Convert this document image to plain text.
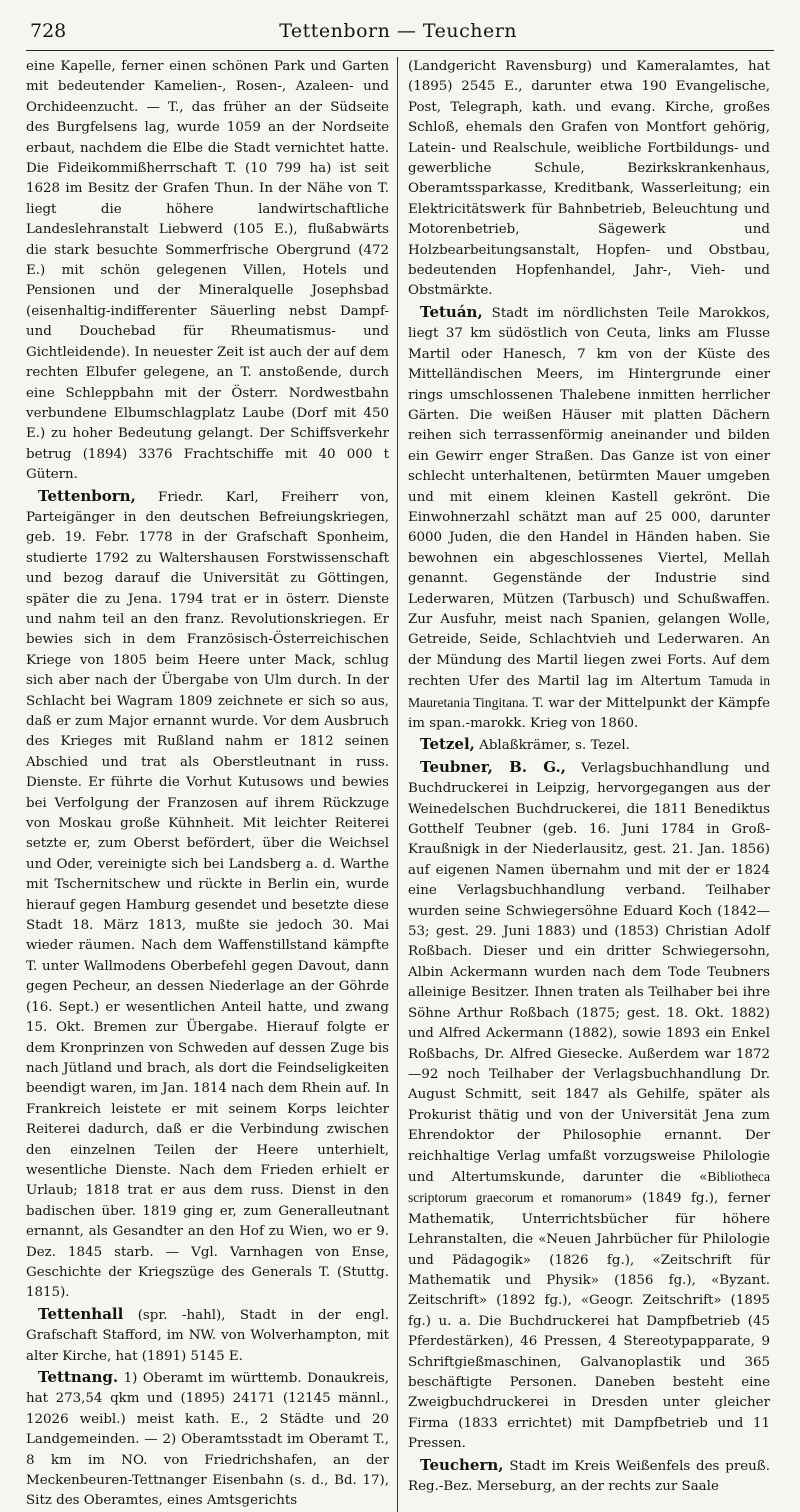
728	Tettenborn — Teuchern

eine Kapelle, ferner einen schönen Park und Garten mit bedeutender Kamelien-, Rosen-, Azaleen- und Orchideenzucht. — T., das früher an der Südseite des Burgfelsens lag, wurde 1059 an der Nordseite erbaut, nachdem die Elbe die Stadt vernichtet hatte. Die Fideikommißherrschaft T. (10 799 ha) ist seit 1628 im Besitz der Grafen Thun. In der Nähe von T. liegt die höhere landwirtschaftliche Landeslehranstalt Liebwerd (105 E.), flußabwärts die stark besuchte Sommerfrische Obergrund (472 E.) mit schön gelegenen Villen, Hotels und Pensionen und der Mineralquelle Josephsbad (eisenhaltig-indifferenter Säuerling nebst Dampf- und Douchebad für Rheumatismus- und Gichtleidende). In neuester Zeit ist auch der auf dem rechten Elbufer gelegene, an T. anstoßende, durch eine Schleppbahn mit der Österr. Nordwestbahn verbundene Elbumschlagplatz Laube (Dorf mit 450 E.) zu hoher Bedeutung gelangt. Der Schiffsverkehr betrug (1894) 3376 Frachtschiffe mit 40 000 t Gütern.

Tettenborn, Friedr. Karl, Freiherr von, Parteigänger in den deutschen Befreiungskriegen, geb. 19. Febr. 1778 in der Grafschaft Sponheim, studierte 1792 zu Waltershausen Forstwissenschaft und bezog darauf die Universität zu Göttingen, später die zu Jena. 1794 trat er in österr. Dienste und nahm teil an den franz. Revolutionskriegen. Er bewies sich in dem Französisch-Österreichischen Kriege von 1805 beim Heere unter Mack, schlug sich aber nach der Übergabe von Ulm durch. In der Schlacht bei Wagram 1809 zeichnete er sich so aus, daß er zum Major ernannt wurde. Vor dem Ausbruch des Krieges mit Rußland nahm er 1812 seinen Abschied und trat als Oberstleutnant in russ. Dienste. Er führte die Vorhut Kutusows und bewies bei Verfolgung der Franzosen auf ihrem Rückzuge von Moskau große Kühnheit. Mit leichter Reiterei setzte er, zum Oberst befördert, über die Weichsel und Oder, vereinigte sich bei Landsberg a. d. Warthe mit Tschernitschew und rückte in Berlin ein, wurde hierauf gegen Hamburg gesendet und besetzte diese Stadt 18. März 1813, mußte sie jedoch 30. Mai wieder räumen. Nach dem Waffenstillstand kämpfte T. unter Wallmodens Oberbefehl gegen Davout, dann gegen Pecheur, an dessen Niederlage an der Göhrde (16. Sept.) er wesentlichen Anteil hatte, und zwang 15. Okt. Bremen zur Übergabe. Hierauf folgte er dem Kronprinzen von Schweden auf dessen Zuge bis nach Jütland und brach, als dort die Feindseligkeiten beendigt waren, im Jan. 1814 nach dem Rhein auf. In Frankreich leistete er mit seinem Korps leichter Reiterei dadurch, daß er die Verbindung zwischen den einzelnen Teilen der Heere unterhielt, wesentliche Dienste. Nach dem Frieden erhielt er Urlaub; 1818 trat er aus dem russ. Dienst in den badischen über. 1819 ging er, zum Generalleutnant ernannt, als Gesandter an den Hof zu Wien, wo er 9. Dez. 1845 starb. — Vgl. Varnhagen von Ense, Geschichte der Kriegszüge des Generals T. (Stuttg. 1815).

Tettenhall (spr. -hahl), Stadt in der engl. Grafschaft Stafford, im NW. von Wolverhampton, mit alter Kirche, hat (1891) 5145 E.

Tettnang. 1) Oberamt im württemb. Donaukreis, hat 273,54 qkm und (1895) 24171 (12145 männl., 12026 weibl.) meist kath. E., 2 Städte und 20 Landgemeinden. — 2) Oberamtsstadt im Oberamt T., 8 km im NO. von Friedrichshafen, an der Meckenbeuren-Tettnanger Eisenbahn (s. d., Bd. 17), Sitz des Oberamtes, eines Amtsgerichts

(Landgericht Ravensburg) und Kameralamtes, hat (1895) 2545 E., darunter etwa 190 Evangelische, Post, Telegraph, kath. und evang. Kirche, großes Schloß, ehemals den Grafen von Montfort gehörig, Latein- und Realschule, weibliche Fortbildungs- und gewerbliche Schule, Bezirkskrankenhaus, Oberamtssparkasse, Kreditbank, Wasserleitung; ein Elektricitätswerk für Bahnbetrieb, Beleuchtung und Motorenbetrieb, Sägewerk und Holzbearbeitungsanstalt, Hopfen- und Obstbau, bedeutenden Hopfenhandel, Jahr-, Vieh- und Obstmärkte.

Tetuán, Stadt im nördlichsten Teile Marokkos, liegt 37 km südöstlich von Ceuta, links am Flusse Martil oder Hanesch, 7 km von der Küste des Mittelländischen Meers, im Hintergrunde einer rings umschlossenen Thalebene inmitten herrlicher Gärten. Die weißen Häuser mit platten Dächern reihen sich terrassenförmig aneinander und bilden ein Gewirr enger Straßen. Das Ganze ist von einer schlecht unterhaltenen, betürmten Mauer umgeben und mit einem kleinen Kastell gekrönt. Die Einwohnerzahl schätzt man auf 25 000, darunter 6000 Juden, die den Handel in Händen haben. Sie bewohnen ein abgeschlossenes Viertel, Mellah genannt. Gegenstände der Industrie sind Lederwaren, Mützen (Tarbusch) und Schußwaffen. Zur Ausfuhr, meist nach Spanien, gelangen Wolle, Getreide, Seide, Schlachtvieh und Lederwaren. An der Mündung des Martil liegen zwei Forts. Auf dem rechten Ufer des Martil lag im Altertum Tamuda in Mauretania Tingitana. T. war der Mittelpunkt der Kämpfe im span.-marokk. Krieg von 1860.

Tetzel, Ablaßkrämer, s. Tezel.

Teubner, B. G., Verlagsbuchhandlung und Buchdruckerei in Leipzig, hervorgegangen aus der Weinedelschen Buchdruckerei, die 1811 Benediktus Gotthelf Teubner (geb. 16. Juni 1784 in Groß-Kraußnigk in der Niederlausitz, gest. 21. Jan. 1856) auf eigenen Namen übernahm und mit der er 1824 eine Verlagsbuchhandlung verband. Teilhaber wurden seine Schwiegersöhne Eduard Koch (1842—53; gest. 29. Juni 1883) und (1853) Christian Adolf Roßbach. Dieser und ein dritter Schwiegersohn, Albin Ackermann wurden nach dem Tode Teubners alleinige Besitzer. Ihnen traten als Teilhaber bei ihre Söhne Arthur Roßbach (1875; gest. 18. Okt. 1882) und Alfred Ackermann (1882), sowie 1893 ein Enkel Roßbachs, Dr. Alfred Giesecke. Außerdem war 1872—92 noch Teilhaber der Verlagsbuchhandlung Dr. August Schmitt, seit 1847 als Gehilfe, später als Prokurist thätig und von der Universität Jena zum Ehrendoktor der Philosophie ernannt. Der reichhaltige Verlag umfaßt vorzugsweise Philologie und Altertumskunde, darunter die «Bibliotheca scriptorum graecorum et romanorum» (1849 fg.), ferner Mathematik, Unterrichtsbücher für höhere Lehranstalten, die «Neuen Jahrbücher für Philologie und Pädagogik» (1826 fg.), «Zeitschrift für Mathematik und Physik» (1856 fg.), «Byzant. Zeitschrift» (1892 fg.), «Geogr. Zeitschrift» (1895 fg.) u. a. Die Buchdruckerei hat Dampfbetrieb (45 Pferdestärken), 46 Pressen, 4 Stereotypapparate, 9 Schriftgießmaschinen, Galvanoplastik und 365 beschäftigte Personen. Daneben besteht eine Zweigbuchdruckerei in Dresden unter gleicher Firma (1833 errichtet) mit Dampfbetrieb und 11 Pressen.

Teuchern, Stadt im Kreis Weißenfels des preuß. Reg.-Bez. Merseburg, an der rechts zur Saale
